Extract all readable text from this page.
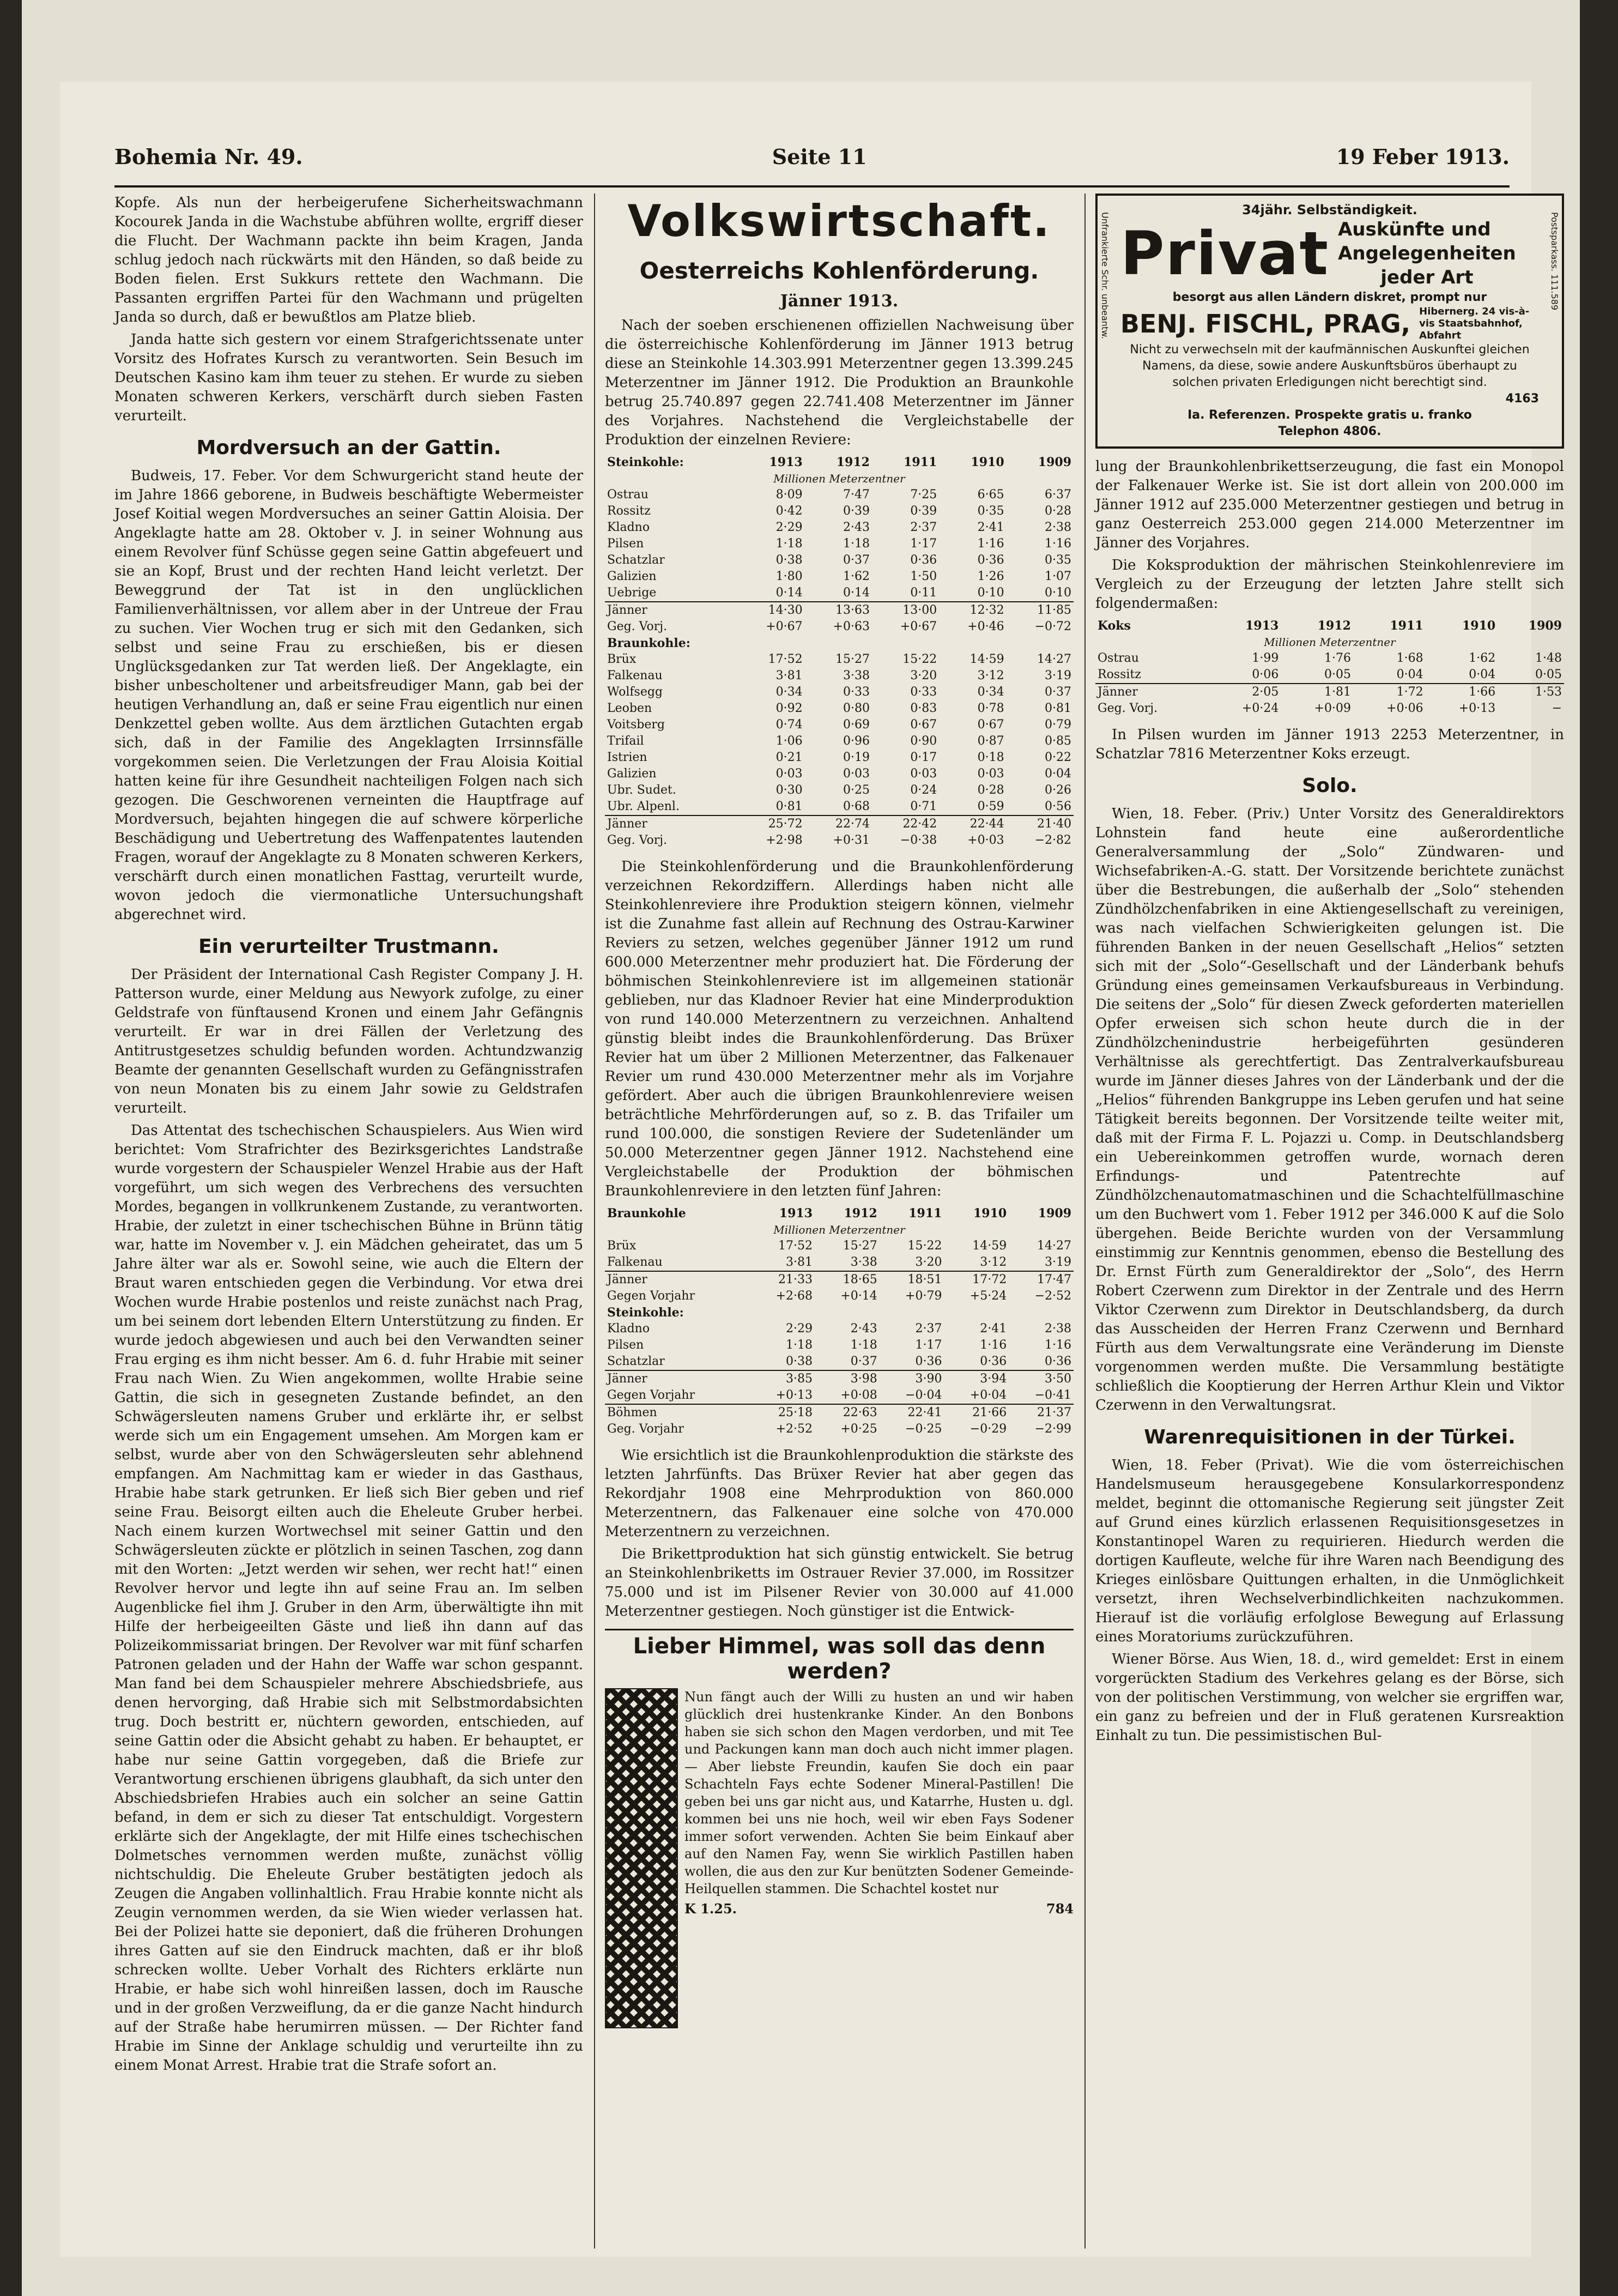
Bohemia Nr. 49.	Seite 11	19 Feber 1913.

Kopfe. Als nun der herbeigerufene Sicherheitswachmann Kocourek Janda in die Wachstube abführen wollte, ergriff dieser die Flucht. Der Wachmann packte ihn beim Kragen, Janda schlug jedoch nach rückwärts mit den Händen, so daß beide zu Boden fielen. Erst Sukkurs rettete den Wachmann. Die Passanten ergriffen Partei für den Wachmann und prügelten Janda so durch, daß er bewußtlos am Platze blieb.

Janda hatte sich gestern vor einem Strafgerichtssenate unter Vorsitz des Hofrates Kursch zu verantworten. Sein Besuch im Deutschen Kasino kam ihm teuer zu stehen. Er wurde zu sieben Monaten schweren Kerkers, verschärft durch sieben Fasten verurteilt.

Mordversuch an der Gattin.

Budweis, 17. Feber. Vor dem Schwurgericht stand heute der im Jahre 1866 geborene, in Budweis beschäftigte Webermeister Josef Koitial wegen Mordversuches an seiner Gattin Aloisia. Der Angeklagte hatte am 28. Oktober v. J. in seiner Wohnung aus einem Revolver fünf Schüsse gegen seine Gattin abgefeuert und sie an Kopf, Brust und der rechten Hand leicht verletzt. Der Beweggrund der Tat ist in den unglücklichen Familienverhältnissen, vor allem aber in der Untreue der Frau zu suchen. Vier Wochen trug er sich mit den Gedanken, sich selbst und seine Frau zu erschießen, bis er diesen Unglücksgedanken zur Tat werden ließ. Der Angeklagte, ein bisher unbescholtener und arbeitsfreudiger Mann, gab bei der heutigen Verhandlung an, daß er seine Frau eigentlich nur einen Denkzettel geben wollte. Aus dem ärztlichen Gutachten ergab sich, daß in der Familie des Angeklagten Irrsinnsfälle vorgekommen seien. Die Verletzungen der Frau Aloisia Koitial hatten keine für ihre Gesundheit nachteiligen Folgen nach sich gezogen. Die Geschworenen verneinten die Hauptfrage auf Mordversuch, bejahten hingegen die auf schwere körperliche Beschädigung und Uebertretung des Waffenpatentes lautenden Fragen, worauf der Angeklagte zu 8 Monaten schweren Kerkers, verschärft durch einen monatlichen Fasttag, verurteilt wurde, wovon jedoch die viermonatliche Untersuchungshaft abgerechnet wird.

Ein verurteilter Trustmann.

Der Präsident der International Cash Register Company J. H. Patterson wurde, einer Meldung aus Newyork zufolge, zu einer Geldstrafe von fünftausend Kronen und einem Jahr Gefängnis verurteilt. Er war in drei Fällen der Verletzung des Antitrustgesetzes schuldig befunden worden. Achtundzwanzig Beamte der genannten Gesellschaft wurden zu Gefängnisstrafen von neun Monaten bis zu einem Jahr sowie zu Geldstrafen verurteilt.

Das Attentat des tschechischen Schauspielers. Aus Wien wird berichtet: Vom Strafrichter des Bezirksgerichtes Landstraße wurde vorgestern der Schauspieler Wenzel Hrabie aus der Haft vorgeführt, um sich wegen des Verbrechens des versuchten Mordes, begangen in vollkrunkenem Zustande, zu verantworten. Hrabie, der zuletzt in einer tschechischen Bühne in Brünn tätig war, hatte im November v. J. ein Mädchen geheiratet, das um 5 Jahre älter war als er. Sowohl seine, wie auch die Eltern der Braut waren entschieden gegen die Verbindung. Vor etwa drei Wochen wurde Hrabie postenlos und reiste zunächst nach Prag, um bei seinem dort lebenden Eltern Unterstützung zu finden. Er wurde jedoch abgewiesen und auch bei den Verwandten seiner Frau erging es ihm nicht besser. Am 6. d. fuhr Hrabie mit seiner Frau nach Wien. Zu Wien angekommen, wollte Hrabie seine Gattin, die sich in gesegneten Zustande befindet, an den Schwägersleuten namens Gruber und erklärte ihr, er selbst werde sich um ein Engagement umsehen. Am Morgen kam er selbst, wurde aber von den Schwägersleuten sehr ablehnend empfangen. Am Nachmittag kam er wieder in das Gasthaus, Hrabie habe stark getrunken. Er ließ sich Bier geben und rief seine Frau. Beisorgt eilten auch die Eheleute Gruber herbei. Nach einem kurzen Wortwechsel mit seiner Gattin und den Schwägersleuten zückte er plötzlich in seinen Taschen, zog dann mit den Worten: „Jetzt werden wir sehen, wer recht hat!“ einen Revolver hervor und legte ihn auf seine Frau an. Im selben Augenblicke fiel ihm J. Gruber in den Arm, überwältigte ihn mit Hilfe der herbeigeeilten Gäste und ließ ihn dann auf das Polizeikommissariat bringen. Der Revolver war mit fünf scharfen Patronen geladen und der Hahn der Waffe war schon gespannt. Man fand bei dem Schauspieler mehrere Abschiedsbriefe, aus denen hervorging, daß Hrabie sich mit Selbstmordabsichten trug. Doch bestritt er, nüchtern geworden, entschieden, auf seine Gattin oder die Absicht gehabt zu haben. Er behauptet, er habe nur seine Gattin vorgegeben, daß die Briefe zur Verantwortung erschienen übrigens glaubhaft, da sich unter den Abschiedsbriefen Hrabies auch ein solcher an seine Gattin befand, in dem er sich zu dieser Tat entschuldigt. Vorgestern erklärte sich der Angeklagte, der mit Hilfe eines tschechischen Dolmetsches vernommen werden mußte, zunächst völlig nichtschuldig. Die Eheleute Gruber bestätigten jedoch als Zeugen die Angaben vollinhaltlich. Frau Hrabie konnte nicht als Zeugin vernommen werden, da sie Wien wieder verlassen hat. Bei der Polizei hatte sie deponiert, daß die früheren Drohungen ihres Gatten auf sie den Eindruck machten, daß er ihr bloß schrecken wollte. Ueber Vorhalt des Richters erklärte nun Hrabie, er habe sich wohl hinreißen lassen, doch im Rausche und in der großen Verzweiflung, da er die ganze Nacht hindurch auf der Straße habe herumirren müssen. — Der Richter fand Hrabie im Sinne der Anklage schuldig und verurteilte ihn zu einem Monat Arrest. Hrabie trat die Strafe sofort an.

Volkswirtschaft.
Oesterreichs Kohlenförderung.
Jänner 1913.

Nach der soeben erschienenen offiziellen Nachweisung über die österreichische Kohlenförderung im Jänner 1913 betrug diese an Steinkohle 14.303.991 Meterzentner gegen 13.399.245 Meterzentner im Jänner 1912. Die Produktion an Braunkohle betrug 25.740.897 gegen 22.741.408 Meterzentner im Jänner des Vorjahres. Nachstehend die Vergleichstabelle der Produktion der einzelnen Reviere:

Steinkohle:	1913	1912	1911	1910	1909
Millionen Meterzentner					
Ostrau	8·09	7·47	7·25	6·65	6·37
Rossitz	0·42	0·39	0·39	0·35	0·28
Kladno	2·29	2·43	2·37	2·41	2·38
Pilsen	1·18	1·18	1·17	1·16	1·16
Schatzlar	0·38	0·37	0·36	0·36	0·35
Galizien	1·80	1·62	1·50	1·26	1·07
Uebrige	0·14	0·14	0·11	0·10	0·10
Jänner	14·30	13·63	13·00	12·32	11·85
Geg. Vorj.	+0·67	+0·63	+0·67	+0·46	−0·72
Braunkohle:					
Brüx	17·52	15·27	15·22	14·59	14·27
Falkenau	3·81	3·38	3·20	3·12	3·19
Wolfsegg	0·34	0·33	0·33	0·34	0·37
Leoben	0·92	0·80	0·83	0·78	0·81
Voitsberg	0·74	0·69	0·67	0·67	0·79
Trifail	1·06	0·96	0·90	0·87	0·85
Istrien	0·21	0·19	0·17	0·18	0·22
Galizien	0·03	0·03	0·03	0·03	0·04
Ubr. Sudet.	0·30	0·25	0·24	0·28	0·26
Ubr. Alpenl.	0·81	0·68	0·71	0·59	0·56
Jänner	25·72	22·74	22·42	22·44	21·40
Geg. Vorj.	+2·98	+0·31	−0·38	+0·03	−2·82

Die Steinkohlenförderung und die Braunkohlenförderung verzeichnen Rekordziffern. Allerdings haben nicht alle Steinkohlenreviere ihre Produktion steigern können, vielmehr ist die Zunahme fast allein auf Rechnung des Ostrau-Karwiner Reviers zu setzen, welches gegenüber Jänner 1912 um rund 600.000 Meterzentner mehr produziert hat. Die Förderung der böhmischen Steinkohlenreviere ist im allgemeinen stationär geblieben, nur das Kladnoer Revier hat eine Minderproduktion von rund 140.000 Meterzentnern zu verzeichnen. Anhaltend günstig bleibt indes die Braunkohlenförderung. Das Brüxer Revier hat um über 2 Millionen Meterzentner, das Falkenauer Revier um rund 430.000 Meterzentner mehr als im Vorjahre gefördert. Aber auch die übrigen Braunkohlenreviere weisen beträchtliche Mehrförderungen auf, so z. B. das Trifailer um rund 100.000, die sonstigen Reviere der Sudetenländer um 50.000 Meterzentner gegen Jänner 1912. Nachstehend eine Vergleichstabelle der Produktion der böhmischen Braunkohlenreviere in den letzten fünf Jahren:

Braunkohle	1913	1912	1911	1910	1909
Millionen Meterzentner					
Brüx	17·52	15·27	15·22	14·59	14·27
Falkenau	3·81	3·38	3·20	3·12	3·19
Jänner	21·33	18·65	18·51	17·72	17·47
Gegen Vorjahr	+2·68	+0·14	+0·79	+5·24	−2·52
Steinkohle:					
Kladno	2·29	2·43	2·37	2·41	2·38
Pilsen	1·18	1·18	1·17	1·16	1·16
Schatzlar	0·38	0·37	0·36	0·36	0·36
Jänner	3·85	3·98	3·90	3·94	3·50
Gegen Vorjahr	+0·13	+0·08	−0·04	+0·04	−0·41
Böhmen	25·18	22·63	22·41	21·66	21·37
Geg. Vorjahr	+2·52	+0·25	−0·25	−0·29	−2·99

Wie ersichtlich ist die Braunkohlenproduktion die stärkste des letzten Jahrfünfts. Das Brüxer Revier hat aber gegen das Rekordjahr 1908 eine Mehrproduktion von 860.000 Meterzentnern, das Falkenauer eine solche von 470.000 Meterzentnern zu verzeichnen.

Die Brikettproduktion hat sich günstig entwickelt. Sie betrug an Steinkohlenbriketts im Ostrauer Revier 37.000, im Rossitzer 75.000 und ist im Pilsener Revier von 30.000 auf 41.000 Meterzentner gestiegen. Noch günstiger ist die Entwick-

Lieber Himmel, was soll das denn werden?

Nun fängt auch der Willi zu husten an und wir haben glücklich drei hustenkranke Kinder. An den Bonbons haben sie sich schon den Magen verdorben, und mit Tee und Packungen kann man doch auch nicht immer plagen. — Aber liebste Freundin, kaufen Sie doch ein paar Schachteln Fays echte Sodener Mineral-Pastillen! Die geben bei uns gar nicht aus, und Katarrhe, Husten u. dgl. kommen bei uns nie hoch, weil wir eben Fays Sodener immer sofort verwenden. Achten Sie beim Einkauf aber auf den Namen Fay, wenn Sie wirklich Pastillen haben wollen, die aus den zur Kur benützten Sodener Gemeinde-Heilquellen stammen. Die Schachtel kostet nur

K 1.25.	784
Unfrankierte Schr. unbeantw.	Postsparkass. 111.589
34jähr. Selbständigkeit.
Privat Auskünfte und
Angelegenheiten
jeder Art
besorgt aus allen Ländern diskret, prompt nur
BENJ. FISCHL, PRAG, Hibernerg. 24 vis-à-vis Staatsbahnhof, Abfahrt
Nicht zu verwechseln mit der kaufmännischen Auskunftei gleichen Namens, da diese, sowie andere Auskunftsbüros überhaupt zu solchen privaten Erledigungen nicht berechtigt sind.
4163
Ia. Referenzen. Prospekte gratis u. franko
Telephon 4806.

lung der Braunkohlenbrikettserzeugung, die fast ein Monopol der Falkenauer Werke ist. Sie ist dort allein von 200.000 im Jänner 1912 auf 235.000 Meterzentner gestiegen und betrug in ganz Oesterreich 253.000 gegen 214.000 Meterzentner im Jänner des Vorjahres.

Die Koksproduktion der mährischen Steinkohlenreviere im Vergleich zu der Erzeugung der letzten Jahre stellt sich folgendermaßen:

Koks	1913	1912	1911	1910	1909
Millionen Meterzentner					
Ostrau	1·99	1·76	1·68	1·62	1·48
Rossitz	0·06	0·05	0·04	0·04	0·05
Jänner	2·05	1·81	1·72	1·66	1·53
Geg. Vorj.	+0·24	+0·09	+0·06	+0·13	−

In Pilsen wurden im Jänner 1913 2253 Meterzentner, in Schatzlar 7816 Meterzentner Koks erzeugt.

Solo.

Wien, 18. Feber. (Priv.) Unter Vorsitz des Generaldirektors Lohnstein fand heute eine außerordentliche Generalversammlung der „Solo“ Zündwaren- und Wichsefabriken-A.-G. statt. Der Vorsitzende berichtete zunächst über die Bestrebungen, die außerhalb der „Solo“ stehenden Zündhölzchenfabriken in eine Aktiengesellschaft zu vereinigen, was nach vielfachen Schwierigkeiten gelungen ist. Die führenden Banken in der neuen Gesellschaft „Helios“ setzten sich mit der „Solo“-Gesellschaft und der Länderbank behufs Gründung eines gemeinsamen Verkaufsbureaus in Verbindung. Die seitens der „Solo“ für diesen Zweck geforderten materiellen Opfer erweisen sich schon heute durch die in der Zündhölzchenindustrie herbeigeführten gesünderen Verhältnisse als gerechtfertigt. Das Zentralverkaufsbureau wurde im Jänner dieses Jahres von der Länderbank und der die „Helios“ führenden Bankgruppe ins Leben gerufen und hat seine Tätigkeit bereits begonnen. Der Vorsitzende teilte weiter mit, daß mit der Firma F. L. Pojazzi u. Comp. in Deutschlandsberg ein Uebereinkommen getroffen wurde, wornach deren Erfindungs- und Patentrechte auf Zündhölzchenautomatmaschinen und die Schachtelfüllmaschine um den Buchwert vom 1. Feber 1912 per 346.000 K auf die Solo übergehen. Beide Berichte wurden von der Versammlung einstimmig zur Kenntnis genommen, ebenso die Bestellung des Dr. Ernst Fürth zum Generaldirektor der „Solo“, des Herrn Robert Czerwenn zum Direktor in der Zentrale und des Herrn Viktor Czerwenn zum Direktor in Deutschlandsberg, da durch das Ausscheiden der Herren Franz Czerwenn und Bernhard Fürth aus dem Verwaltungsrate eine Veränderung im Dienste vorgenommen werden mußte. Die Versammlung bestätigte schließlich die Kooptierung der Herren Arthur Klein und Viktor Czerwenn in den Verwaltungsrat.

Warenrequisitionen in der Türkei.

Wien, 18. Feber (Privat). Wie die vom österreichischen Handelsmuseum herausgegebene Konsularkorrespondenz meldet, beginnt die ottomanische Regierung seit jüngster Zeit auf Grund eines kürzlich erlassenen Requisitionsgesetzes in Konstantinopel Waren zu requirieren. Hiedurch werden die dortigen Kaufleute, welche für ihre Waren nach Beendigung des Krieges einlösbare Quittungen erhalten, in die Unmöglichkeit versetzt, ihren Wechselverbindlichkeiten nachzukommen. Hierauf ist die vorläufig erfolglose Bewegung auf Erlassung eines Moratoriums zurückzuführen.

Wiener Börse. Aus Wien, 18. d., wird gemeldet: Erst in einem vorgerückten Stadium des Verkehres gelang es der Börse, sich von der politischen Verstimmung, von welcher sie ergriffen war, ein ganz zu befreien und der in Fluß geratenen Kursreaktion Einhalt zu tun. Die pessimistischen Bul-
